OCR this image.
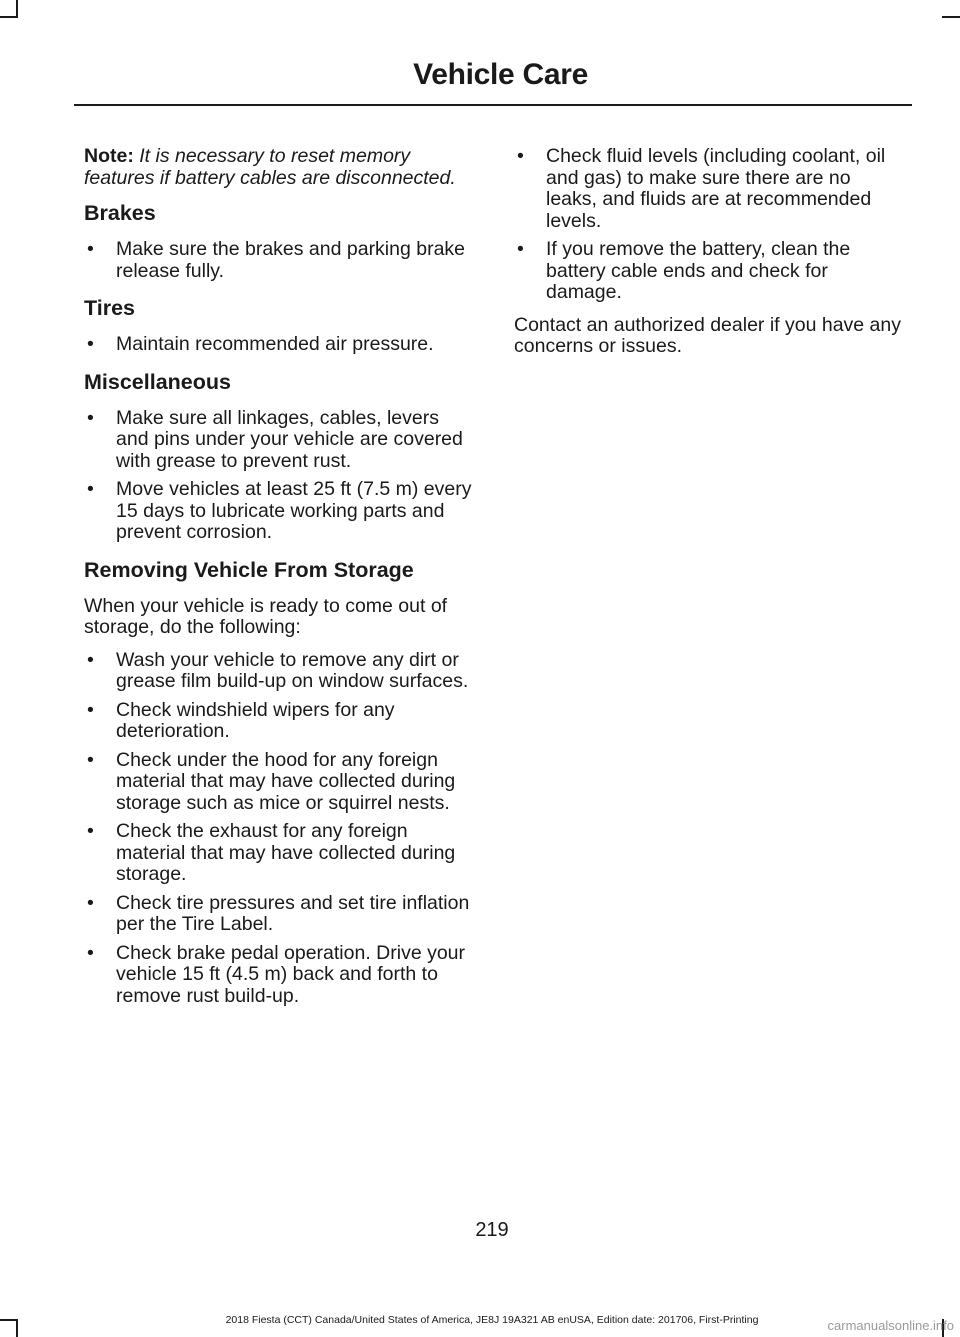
Vehicle Care

Note: It is necessary to reset memory features if battery cables are disconnected.

Brakes
• Make sure the brakes and parking brake release fully.
Tires
• Maintain recommended air pressure.
Miscellaneous
• Make sure all linkages, cables, levers and pins under your vehicle are covered with grease to prevent rust.
• Move vehicles at least 25 ft (7.5 m) every 15 days to lubricate working parts and prevent corrosion.
Removing Vehicle From Storage

When your vehicle is ready to come out of storage, do the following:

• Wash your vehicle to remove any dirt or grease film build-up on window surfaces.
• Check windshield wipers for any deterioration.
• Check under the hood for any foreign material that may have collected during storage such as mice or squirrel nests.
• Check the exhaust for any foreign material that may have collected during storage.
• Check tire pressures and set tire inflation per the Tire Label.
• Check brake pedal operation. Drive your vehicle 15 ft (4.5 m) back and forth to remove rust build-up.
• Check fluid levels (including coolant, oil and gas) to make sure there are no leaks, and fluids are at recommended levels.
• If you remove the battery, clean the battery cable ends and check for damage.

Contact an authorized dealer if you have any concerns or issues.

219
2018 Fiesta (CCT) Canada/United States of America, JE8J 19A321 AB enUSA, Edition date: 201706, First-Printing	carmanualsonline.info
